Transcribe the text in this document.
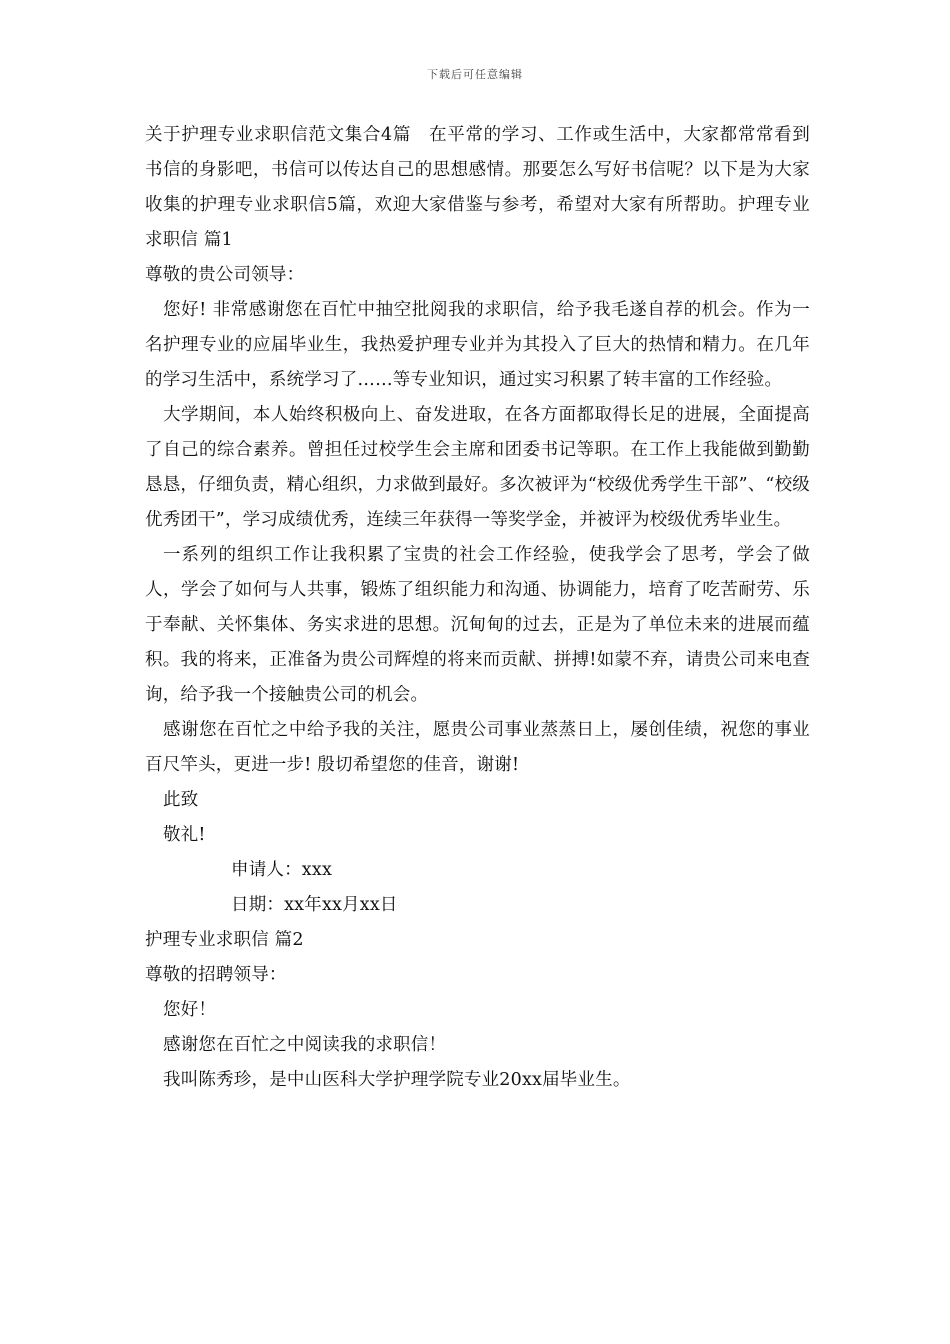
下载后可任意编辑

关于护理专业求职信范文集合4篇　在平常的学习、工作或生活中，大家都常常看到书信的身影吧，书信可以传达自己的思想感情。那要怎么写好书信呢？以下是为大家收集的护理专业求职信5篇，欢迎大家借鉴与参考，希望对大家有所帮助。护理专业求职信 篇1

尊敬的贵公司领导：

您好! 非常感谢您在百忙中抽空批阅我的求职信，给予我毛遂自荐的机会。作为一名护理专业的应届毕业生，我热爱护理专业并为其投入了巨大的热情和精力。在几年的学习生活中，系统学习了……等专业知识，通过实习积累了转丰富的工作经验。

大学期间，本人始终积极向上、奋发进取，在各方面都取得长足的进展，全面提高了自己的综合素养。曾担任过校学生会主席和团委书记等职。在工作上我能做到勤勤恳恳，仔细负责，精心组织，力求做到最好。多次被评为“校级优秀学生干部”、“校级优秀团干”，学习成绩优秀，连续三年获得一等奖学金，并被评为校级优秀毕业生。

一系列的组织工作让我积累了宝贵的社会工作经验，使我学会了思考，学会了做人，学会了如何与人共事，锻炼了组织能力和沟通、协调能力，培育了吃苦耐劳、乐于奉献、关怀集体、务实求进的思想。沉甸甸的过去，正是为了单位未来的进展而蕴积。我的将来，正准备为贵公司辉煌的将来而贡献、拼搏!如蒙不弃，请贵公司来电查询，给予我一个接触贵公司的机会。

感谢您在百忙之中给予我的关注，愿贵公司事业蒸蒸日上，屡创佳绩，祝您的事业百尺竿头，更进一步! 殷切希望您的佳音，谢谢!

此致

敬礼!

申请人：xxx

日期：xx年xx月xx日

护理专业求职信 篇2

尊敬的招聘领导：

您好！

感谢您在百忙之中阅读我的求职信！

我叫陈秀珍，是中山医科大学护理学院专业20xx届毕业生。
